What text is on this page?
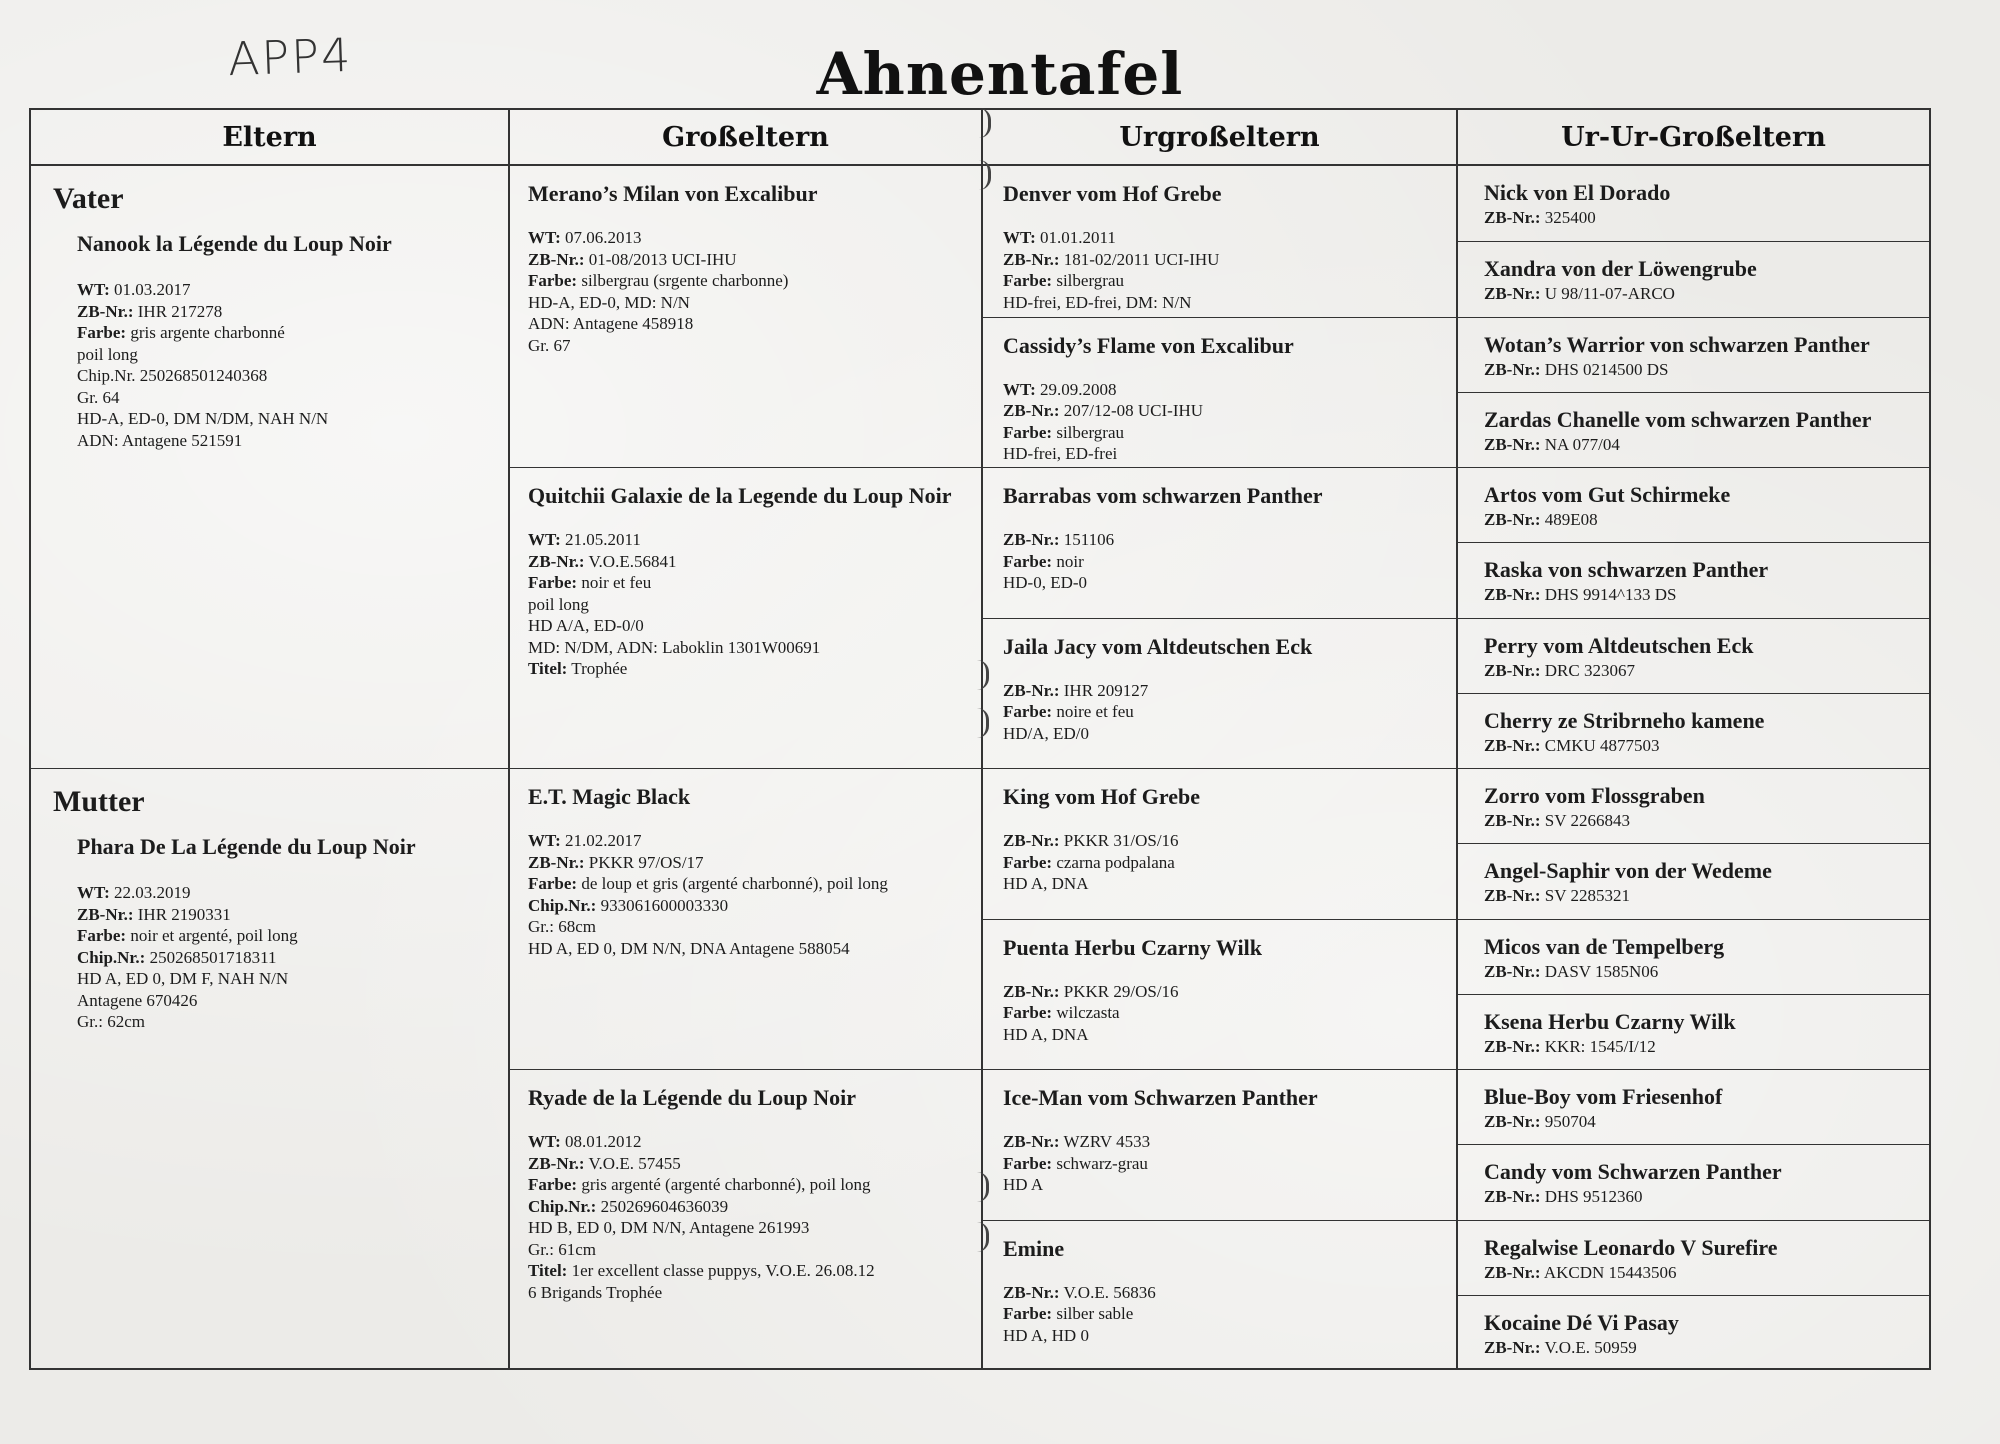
APP4	Ahnentafel
Eltern
Vater
Nanook la Légende du Loup Noir
WT: 01.03.2017
ZB-Nr.: IHR 217278
Farbe: gris argente charbonné
poil long
Chip.Nr. 250268501240368
Gr. 64
HD-A, ED-0, DM N/DM, NAH N/N
ADN: Antagene 521591
Mutter
Phara De La Légende du Loup Noir
WT: 22.03.2019
ZB-Nr.: IHR 2190331
Farbe: noir et argenté, poil long
Chip.Nr.: 250268501718311
HD A, ED 0, DM F, NAH N/N
Antagene 670426
Gr.: 62cm
Großeltern
Merano’s Milan von Excalibur
WT: 07.06.2013
ZB-Nr.: 01-08/2013 UCI-IHU
Farbe: silbergrau (srgente charbonne)
HD-A, ED-0, MD: N/N
ADN: Antagene 458918
Gr. 67
Quitchii Galaxie de la Legende du Loup Noir
WT: 21.05.2011
ZB-Nr.: V.O.E.56841
Farbe: noir et feu
poil long
HD A/A, ED-0/0
MD: N/DM, ADN: Laboklin 1301W00691
Titel: Trophée
E.T. Magic Black
WT: 21.02.2017
ZB-Nr.: PKKR 97/OS/17
Farbe: de loup et gris (argenté charbonné), poil long
Chip.Nr.: 933061600003330
Gr.: 68cm
HD A, ED 0, DM N/N, DNA Antagene 588054
Ryade de la Légende du Loup Noir
WT: 08.01.2012
ZB-Nr.: V.O.E. 57455
Farbe: gris argenté (argenté charbonné), poil long
Chip.Nr.: 250269604636039
HD B, ED 0, DM N/N, Antagene 261993
Gr.: 61cm
Titel: 1er excellent classe puppys, V.O.E. 26.08.12
6 Brigands Trophée
Urgroßeltern
Denver vom Hof Grebe
WT: 01.01.2011
ZB-Nr.: 181-02/2011 UCI-IHU
Farbe: silbergrau
HD-frei, ED-frei, DM: N/N
Cassidy’s Flame von Excalibur
WT: 29.09.2008
ZB-Nr.: 207/12-08 UCI-IHU
Farbe: silbergrau
HD-frei, ED-frei
Barrabas vom schwarzen Panther
ZB-Nr.: 151106
Farbe: noir
HD-0, ED-0
Jaila Jacy vom Altdeutschen Eck
ZB-Nr.: IHR 209127
Farbe: noire et feu
HD/A, ED/0
King vom Hof Grebe
ZB-Nr.: PKKR 31/OS/16
Farbe: czarna podpalana
HD A, DNA
Puenta Herbu Czarny Wilk
ZB-Nr.: PKKR 29/OS/16
Farbe: wilczasta
HD A, DNA
Ice-Man vom Schwarzen Panther
ZB-Nr.: WZRV 4533
Farbe: schwarz-grau
HD A
Emine
ZB-Nr.: V.O.E. 56836
Farbe: silber sable
HD A, HD 0
Ur-Ur-Großeltern
Nick von El Dorado
ZB-Nr.: 325400
Xandra von der Löwengrube
ZB-Nr.: U 98/11-07-ARCO
Wotan’s Warrior von schwarzen Panther
ZB-Nr.: DHS 0214500 DS
Zardas Chanelle vom schwarzen Panther
ZB-Nr.: NA 077/04
Artos vom Gut Schirmeke
ZB-Nr.: 489E08
Raska von schwarzen Panther
ZB-Nr.: DHS 9914^133 DS
Perry vom Altdeutschen Eck
ZB-Nr.: DRC 323067
Cherry ze Stribrneho kamene
ZB-Nr.: CMKU 4877503
Zorro vom Flossgraben
ZB-Nr.: SV 2266843
Angel-Saphir von der Wedeme
ZB-Nr.: SV 2285321
Micos van de Tempelberg
ZB-Nr.: DASV 1585N06
Ksena Herbu Czarny Wilk
ZB-Nr.: KKR: 1545/I/12
Blue-Boy vom Friesenhof
ZB-Nr.: 950704
Candy vom Schwarzen Panther
ZB-Nr.: DHS 9512360
Regalwise Leonardo V Surefire
ZB-Nr.: AKCDN 15443506
Kocaine Dé Vi Pasay
ZB-Nr.: V.O.E. 50959
